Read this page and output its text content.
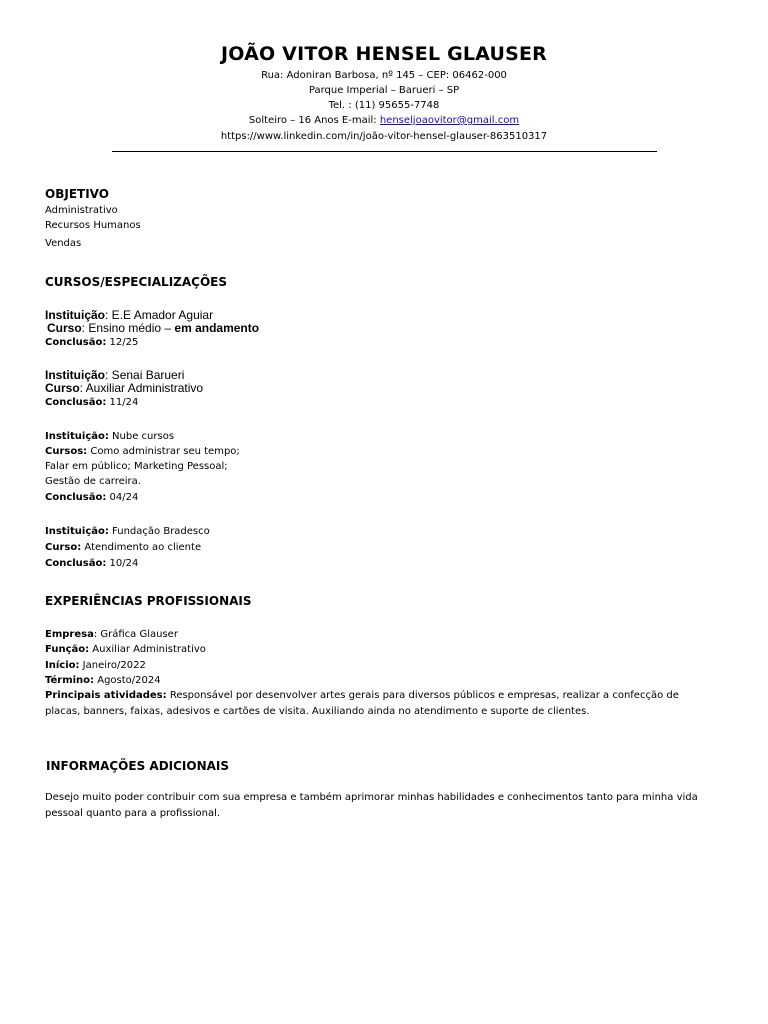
JOÃO VITOR HENSEL GLAUSER
Rua: Adoniran Barbosa, nº 145 – CEP: 06462-000
Parque Imperial – Barueri – SP
Tel. : (11) 95655-7748
Solteiro – 16 Anos E-mail: henseljoaovitor@gmail.com
https://www.linkedin.com/in/joão-vitor-hensel-glauser-863510317
OBJETIVO
Administrativo
Recursos Humanos
Vendas
CURSOS/ESPECIALIZAÇÕES
Instituição: E.E Amador Aguiar
Curso: Ensino médio – em andamento
Conclusão: 12/25
Instituição: Senai Barueri
Curso: Auxiliar Administrativo
Conclusão: 11/24
Instituição: Nube cursos
Cursos: Como administrar seu tempo;
Falar em público; Marketing Pessoal;
Gestão de carreira.
Conclusão: 04/24
Instituição: Fundação Bradesco
Curso: Atendimento ao cliente
Conclusão: 10/24
EXPERIÊNCIAS PROFISSIONAIS
Empresa: Gráfica Glauser
Função: Auxiliar Administrativo
Início: Janeiro/2022
Término: Agosto/2024
Principais atividades: Responsável por desenvolver artes gerais para diversos públicos e empresas, realizar a confecção de placas, banners, faixas, adesivos e cartões de visita. Auxiliando ainda no atendimento e suporte de clientes.
INFORMAÇÕES ADICIONAIS
Desejo muito poder contribuir com sua empresa e também aprimorar minhas habilidades e conhecimentos tanto para minha vida pessoal quanto para a profissional.
